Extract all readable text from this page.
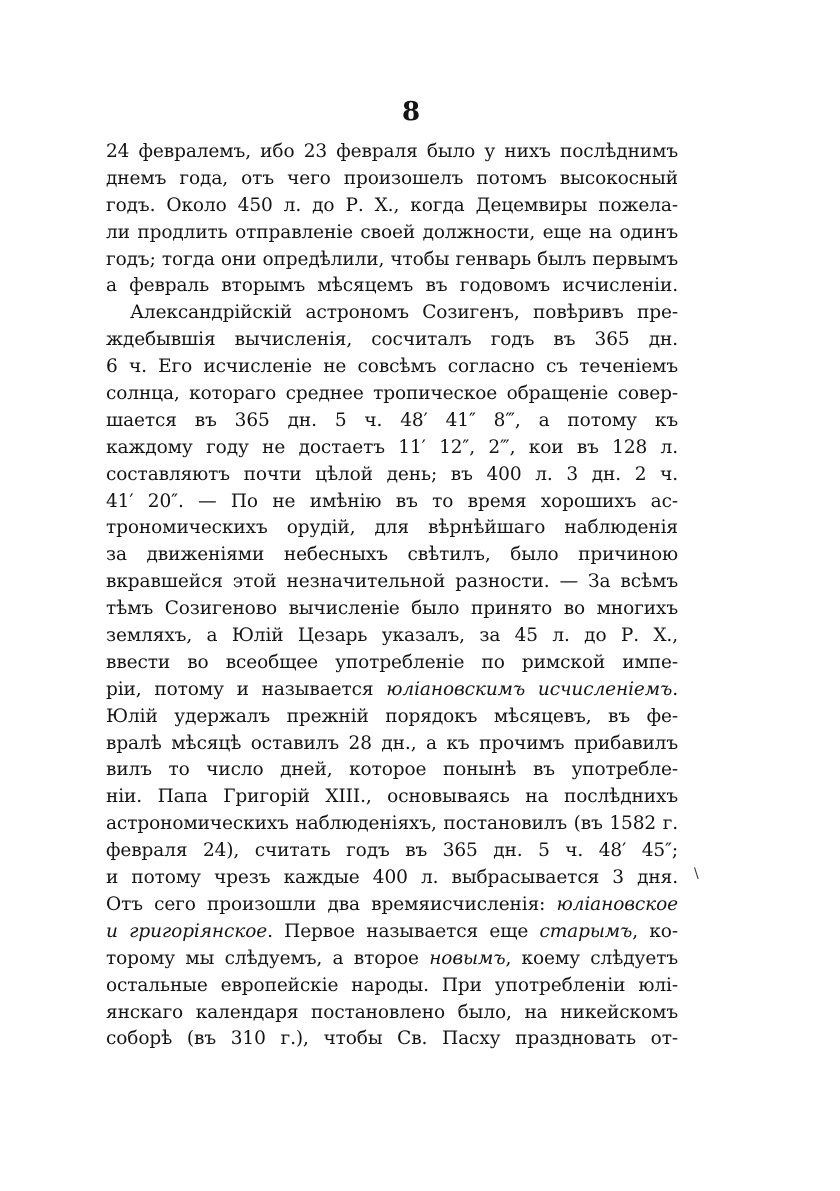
8
24 февралемъ, ибо 23 февраля было у нихъ послѣднимъ
днемъ года, отъ чего произошелъ потомъ высокосный
годъ. Около 450 л. до Р. Х., когда Децемвиры пожела-
ли продлить отправленіе своей должности, еще на одинъ
годъ; тогда они опредѣлили, чтобы генварь былъ первымъ
а февраль вторымъ мѣсяцемъ въ годовомъ исчисленіи.
Александрійскій астрономъ Созигенъ, повѣривъ пре-
ждебывшія вычисленія, сосчиталъ годъ въ 365 дн.
6 ч. Его исчисленіе не совсѣмъ согласно съ теченіемъ
солнца, котораго среднее тропическое обращеніе совер-
шается въ 365 дн. 5 ч. 48′ 41″ 8‴, а потому къ
каждому году не достаетъ 11′ 12″, 2‴, кои въ 128 л.
составляютъ почти цѣлой день; въ 400 л. 3 дн. 2 ч.
41′ 20″. — По не имѣнію въ то время хорошихъ ас-
трономическихъ орудій, для вѣрнѣйшаго наблюденія
за движеніями небесныхъ свѣтилъ, было причиною
вкравшейся этой незначительной разности. — За всѣмъ
тѣмъ Созигеново вычисленіе было принято во многихъ
земляхъ, а Юлій Цезарь указалъ, за 45 л. до Р. Х.,
ввести во всеобщее употребленіе по римской импе-
ріи, потому и называется юліановскимъ исчисленіемъ.
Юлій удержалъ прежній порядокъ мѣсяцевъ, въ фе-
вралѣ мѣсяцѣ оставилъ 28 дн., а къ прочимъ прибавилъ
вилъ то число дней, которое понынѣ въ употребле-
ніи. Папа Григорій XIII., основываясь на послѣднихъ
астрономическихъ наблюденіяхъ, постановилъ (въ 1582 г.
февраля 24), считать годъ въ 365 дн. 5 ч. 48′ 45″;
и потому чрезъ каждые 400 л. выбрасывается 3 дня.
Отъ сего произошли два времяисчисленія: юліановское
и григоріянское. Первое называется еще старымъ, ко-
торому мы слѣдуемъ, а второе новымъ, коему слѣдуетъ
остальные европейскіе народы. При употребленіи юлі-
янскаго календаря постановлено было, на никейскомъ
соборѣ (въ 310 г.), чтобы Св. Пасху праздновать от-
\
